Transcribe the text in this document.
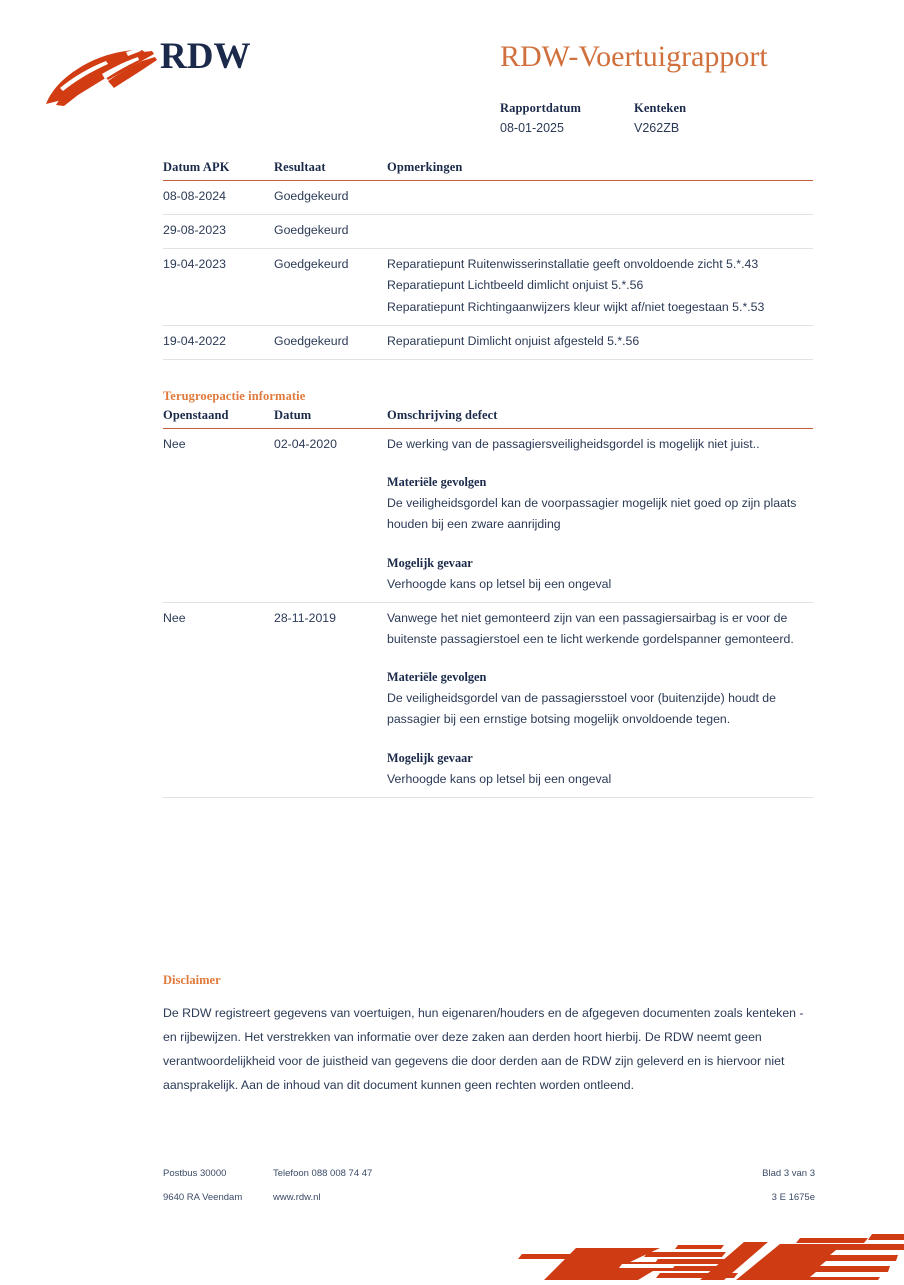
RDW	RDW-Voertuigrapport
Rapportdatum	Kenteken
08-01-2025	V262ZB
Datum APK	Resultaat	Opmerkingen
08-08-2024	Goedgekeurd	
29-08-2023	Goedgekeurd	
19-04-2023	Goedgekeurd	Reparatiepunt Ruitenwisserinstallatie geeft onvoldoende zicht 5.*.43
Reparatiepunt Lichtbeeld dimlicht onjuist 5.*.56
Reparatiepunt Richtingaanwijzers kleur wijkt af/niet toegestaan 5.*.53

19-04-2022	Goedgekeurd	Reparatiepunt Dimlicht onjuist afgesteld 5.*.56
Terugroepactie informatie
Openstaand	Datum	Omschrijving defect
Nee	02-04-2020	De werking van de passagiersveiligheidsgordel is mogelijk niet juist..
Materiële gevolgen
De veiligheidsgordel kan de voorpassagier mogelijk niet goed op zijn plaats houden bij een zware aanrijding
Mogelijk gevaar
Verhoogde kans op letsel bij een ongeval

Nee	28-11-2019	Vanwege het niet gemonteerd zijn van een passagiersairbag is er voor de buitenste passagierstoel een te licht werkende gordelspanner gemonteerd.
Materiële gevolgen
De veiligheidsgordel van de passagiersstoel voor (buitenzijde) houdt de passagier bij een ernstige botsing mogelijk onvoldoende tegen.
Mogelijk gevaar
Verhoogde kans op letsel bij een ongeval
Disclaimer
De RDW registreert gegevens van voertuigen, hun eigenaren/houders en de afgegeven documenten zoals kenteken - en rijbewijzen. Het verstrekken van informatie over deze zaken aan derden hoort hierbij. De RDW neemt geen verantwoordelijkheid voor de juistheid van gegevens die door derden aan de RDW zijn geleverd en is hiervoor niet aansprakelijk. Aan de inhoud van dit document kunnen geen rechten worden ontleend.
Postbus 30000	Telefoon 088 008 74 47	Blad 3 van 3
9640 RA Veendam	www.rdw.nl	3 E 1675e
